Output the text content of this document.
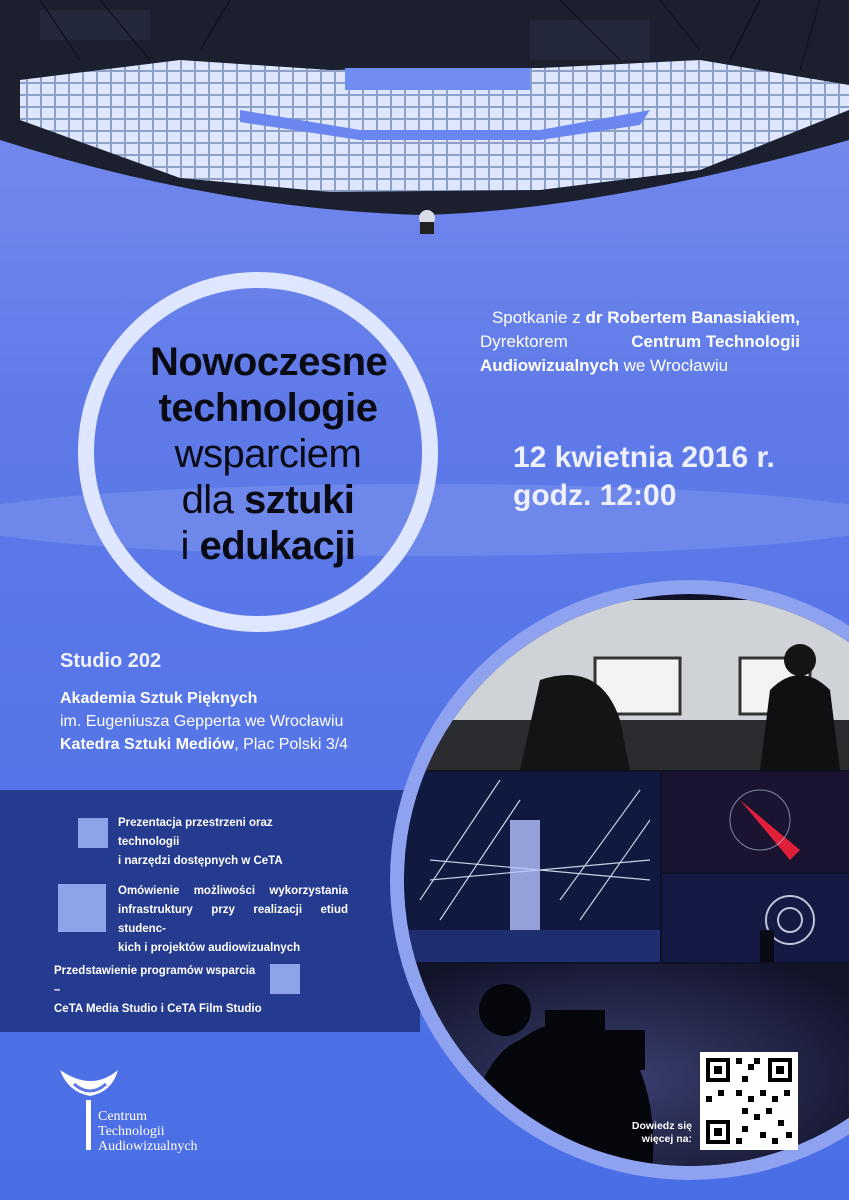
Nowoczesne
technologie
wsparciem
dla sztuki
i edukacji
Spotkanie z dr Robertem Banasiakiem,
Dyrektorem	Centrum Technologii
Audiowizualnych we Wrocławiu
12 kwietnia 2016 r.
godz. 12:00
Studio 202
Akademia Sztuk Pięknych
im. Eugeniusza Gepperta we Wrocławiu
Katedra Sztuki Mediów, Plac Polski 3/4
Prezentacja przestrzeni oraz technologii
i narzędzi dostępnych w CeTA
Omówienie możliwości wykorzystania
infrastruktury przy realizacji etiud studenc-
kich i projektów audiowizualnych
Przedstawienie programów wsparcia –
CeTA Media Studio i CeTA Film Studio
Centrum
Technologii
Audiowizualnych
Dowiedz się
więcej na:
